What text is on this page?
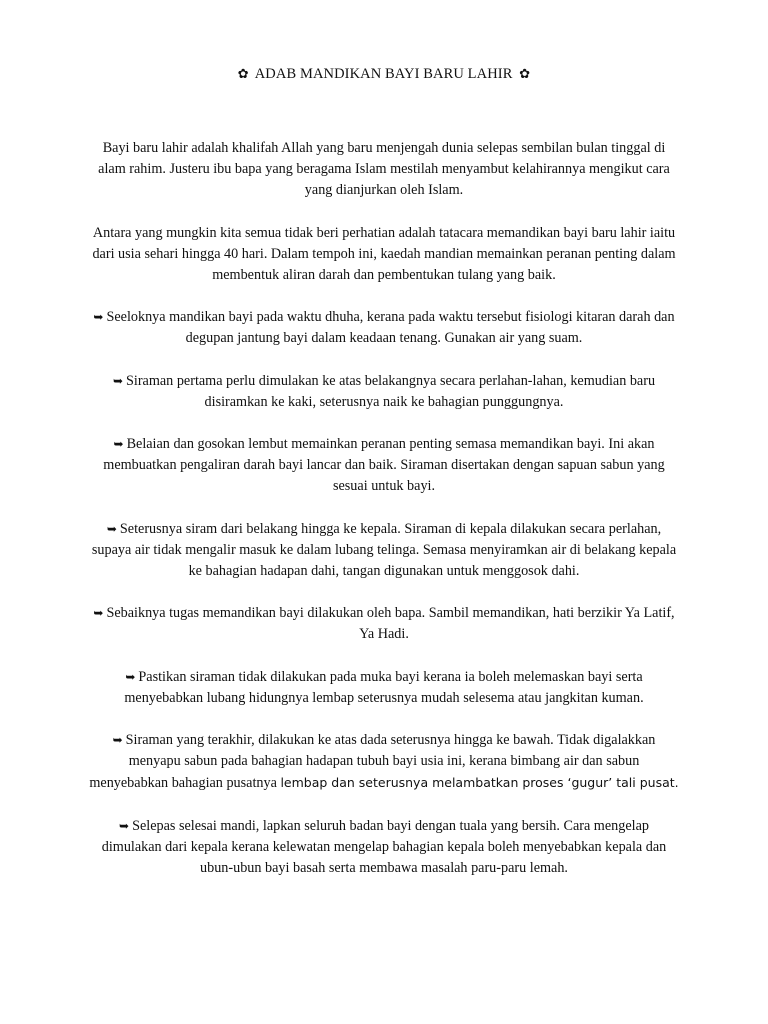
✿ ADAB MANDIKAN BAYI BARU LAHIR ✿

Bayi baru lahir adalah khalifah Allah yang baru menjengah dunia selepas sembilan bulan tinggal di alam rahim. Justeru ibu bapa yang beragama Islam mestilah menyambut kelahirannya mengikut cara yang dianjurkan oleh Islam.

Antara yang mungkin kita semua tidak beri perhatian adalah tatacara memandikan bayi baru lahir iaitu dari usia sehari hingga 40 hari. Dalam tempoh ini, kaedah mandian memainkan peranan penting dalam membentuk aliran darah dan pembentukan tulang yang baik.

➥ Seeloknya mandikan bayi pada waktu dhuha, kerana pada waktu tersebut fisiologi kitaran darah dan degupan jantung bayi dalam keadaan tenang. Gunakan air yang suam.

➥ Siraman pertama perlu dimulakan ke atas belakangnya secara perlahan-lahan, kemudian baru disiramkan ke kaki, seterusnya naik ke bahagian punggungnya.

➥ Belaian dan gosokan lembut memainkan peranan penting semasa memandikan bayi. Ini akan membuatkan pengaliran darah bayi lancar dan baik. Siraman disertakan dengan sapuan sabun yang sesuai untuk bayi.

➥ Seterusnya siram dari belakang hingga ke kepala. Siraman di kepala dilakukan secara perlahan, supaya air tidak mengalir masuk ke dalam lubang telinga. Semasa menyiramkan air di belakang kepala ke bahagian hadapan dahi, tangan digunakan untuk menggosok dahi.

➥ Sebaiknya tugas memandikan bayi dilakukan oleh bapa. Sambil memandikan, hati berzikir Ya Latif, Ya Hadi.

➥ Pastikan siraman tidak dilakukan pada muka bayi kerana ia boleh melemaskan bayi serta menyebabkan lubang hidungnya lembap seterusnya mudah selesema atau jangkitan kuman.

➥ Siraman yang terakhir, dilakukan ke atas dada seterusnya hingga ke bawah. Tidak digalakkan menyapu sabun pada bahagian hadapan tubuh bayi usia ini, kerana bimbang air dan sabun menyebabkan bahagian pusatnya lembap dan seterusnya melambatkan proses ‘gugur’ tali pusat.

➥ Selepas selesai mandi, lapkan seluruh badan bayi dengan tuala yang bersih. Cara mengelap dimulakan dari kepala kerana kelewatan mengelap bahagian kepala boleh menyebabkan kepala dan ubun-ubun bayi basah serta membawa masalah paru-paru lemah.
